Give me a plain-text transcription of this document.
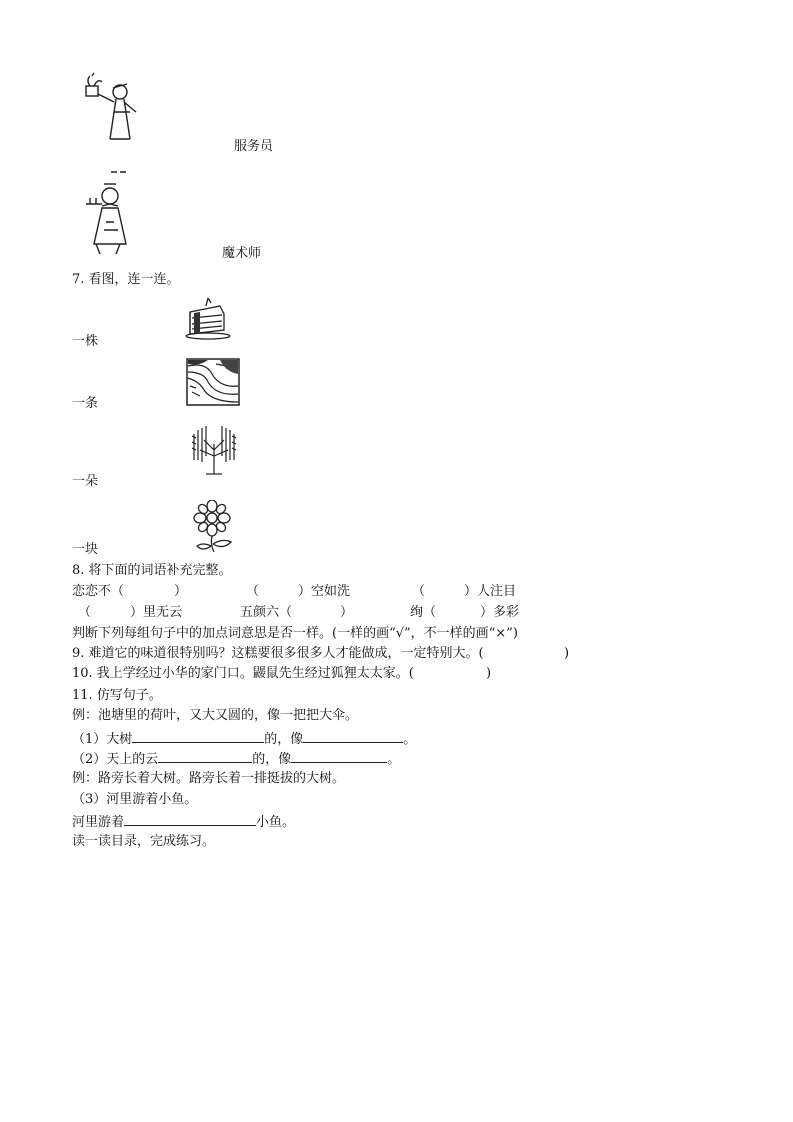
服务员
魔术师
7. 看图，连一连。
一株
一条
一朵
一块
8. 将下面的词语补充完整。
恋恋不（	）	（	）空如洗	（	）人注目
（	）里无云	五颜六（	）	绚（	）多彩
判断下列每组句子中的加点词意思是否一样。(一样的画“√”，不一样的画“×”)
9. 难道它的味道很特别吗？这糕要很多很多人才能做成，一定特别大。(	)
10. 我上学经过小华的家门口。鼹鼠先生经过狐狸太太家。(	)
11. 仿写句子。
例：池塘里的荷叶，又大又圆的，像一把把大伞。
（1）大树	的，像	。
（2）天上的云	的，像	。
例：路旁长着大树。路旁长着一排挺拔的大树。
（3）河里游着小鱼。
河里游着	小鱼。
读一读目录，完成练习。
